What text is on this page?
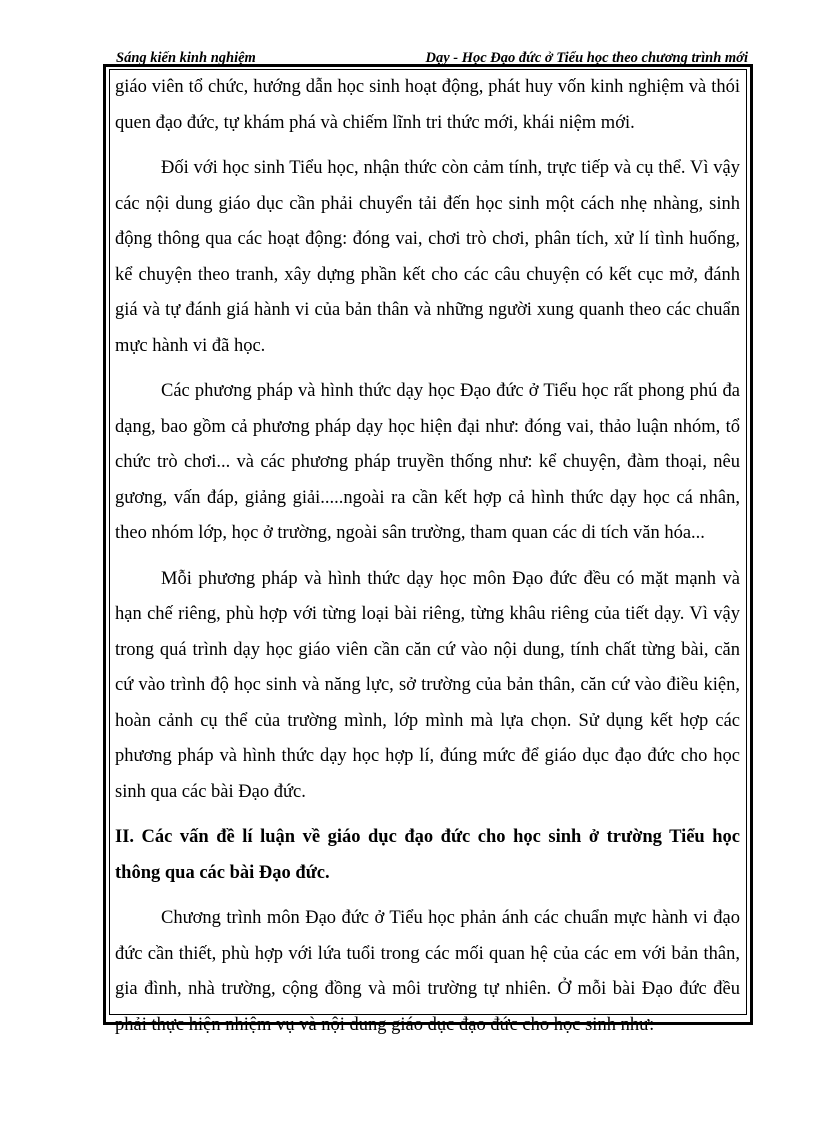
Sáng kiến kinh nghiệm	Dạy - Học Đạo đức ở Tiểu học theo chương trình mới

giáo viên tổ chức, hướng dẫn học sinh hoạt động, phát huy vốn kinh nghiệm và thói quen đạo đức, tự khám phá và chiếm lĩnh tri thức mới, khái niệm mới.

Đối với học sinh Tiểu học, nhận thức còn cảm tính, trực tiếp và cụ thể. Vì vậy các nội dung giáo dục cần phải chuyển tải đến học sinh một cách nhẹ nhàng, sinh động thông qua các hoạt động: đóng vai, chơi trò chơi, phân tích, xử lí tình huống, kể chuyện theo tranh, xây dựng phần kết cho các câu chuyện có kết cục mở, đánh giá và tự đánh giá hành vi của bản thân và những người xung quanh theo các chuẩn mực hành vi đã học.

Các phương pháp và hình thức dạy học Đạo đức ở Tiểu học rất phong phú đa dạng, bao gồm cả phương pháp dạy học hiện đại như: đóng vai, thảo luận nhóm, tổ chức trò chơi... và các phương pháp truyền thống như: kể chuyện, đàm thoại, nêu gương, vấn đáp, giảng giải.....ngoài ra cần kết hợp cả hình thức dạy học cá nhân, theo nhóm lớp, học ở trường, ngoài sân trường, tham quan các di tích văn hóa...

Mỗi phương pháp và hình thức dạy học môn Đạo đức đều có mặt mạnh và hạn chế riêng, phù hợp với từng loại bài riêng, từng khâu riêng của tiết dạy. Vì vậy trong quá trình dạy học giáo viên cần căn cứ vào nội dung, tính chất từng bài, căn cứ vào trình độ học sinh và năng lực, sở trường của bản thân, căn cứ vào điều kiện, hoàn cảnh cụ thể của trường mình, lớp mình mà lựa chọn. Sử dụng kết hợp các phương pháp và hình thức dạy học hợp lí, đúng mức để giáo dục đạo đức cho học sinh qua các bài Đạo đức.

II. Các vấn đề lí luận về giáo dục đạo đức cho học sinh ở trường Tiểu học thông qua các bài Đạo đức.

Chương trình môn Đạo đức ở Tiểu học phản ánh các chuẩn mực hành vi đạo đức cần thiết, phù hợp với lứa tuổi trong các mối quan hệ của các em với bản thân, gia đình, nhà trường, cộng đồng và môi trường tự nhiên. Ở mỗi bài Đạo đức đều phải thực hiện nhiệm vụ và nội dung giáo dục đạo đức cho học sinh như:
